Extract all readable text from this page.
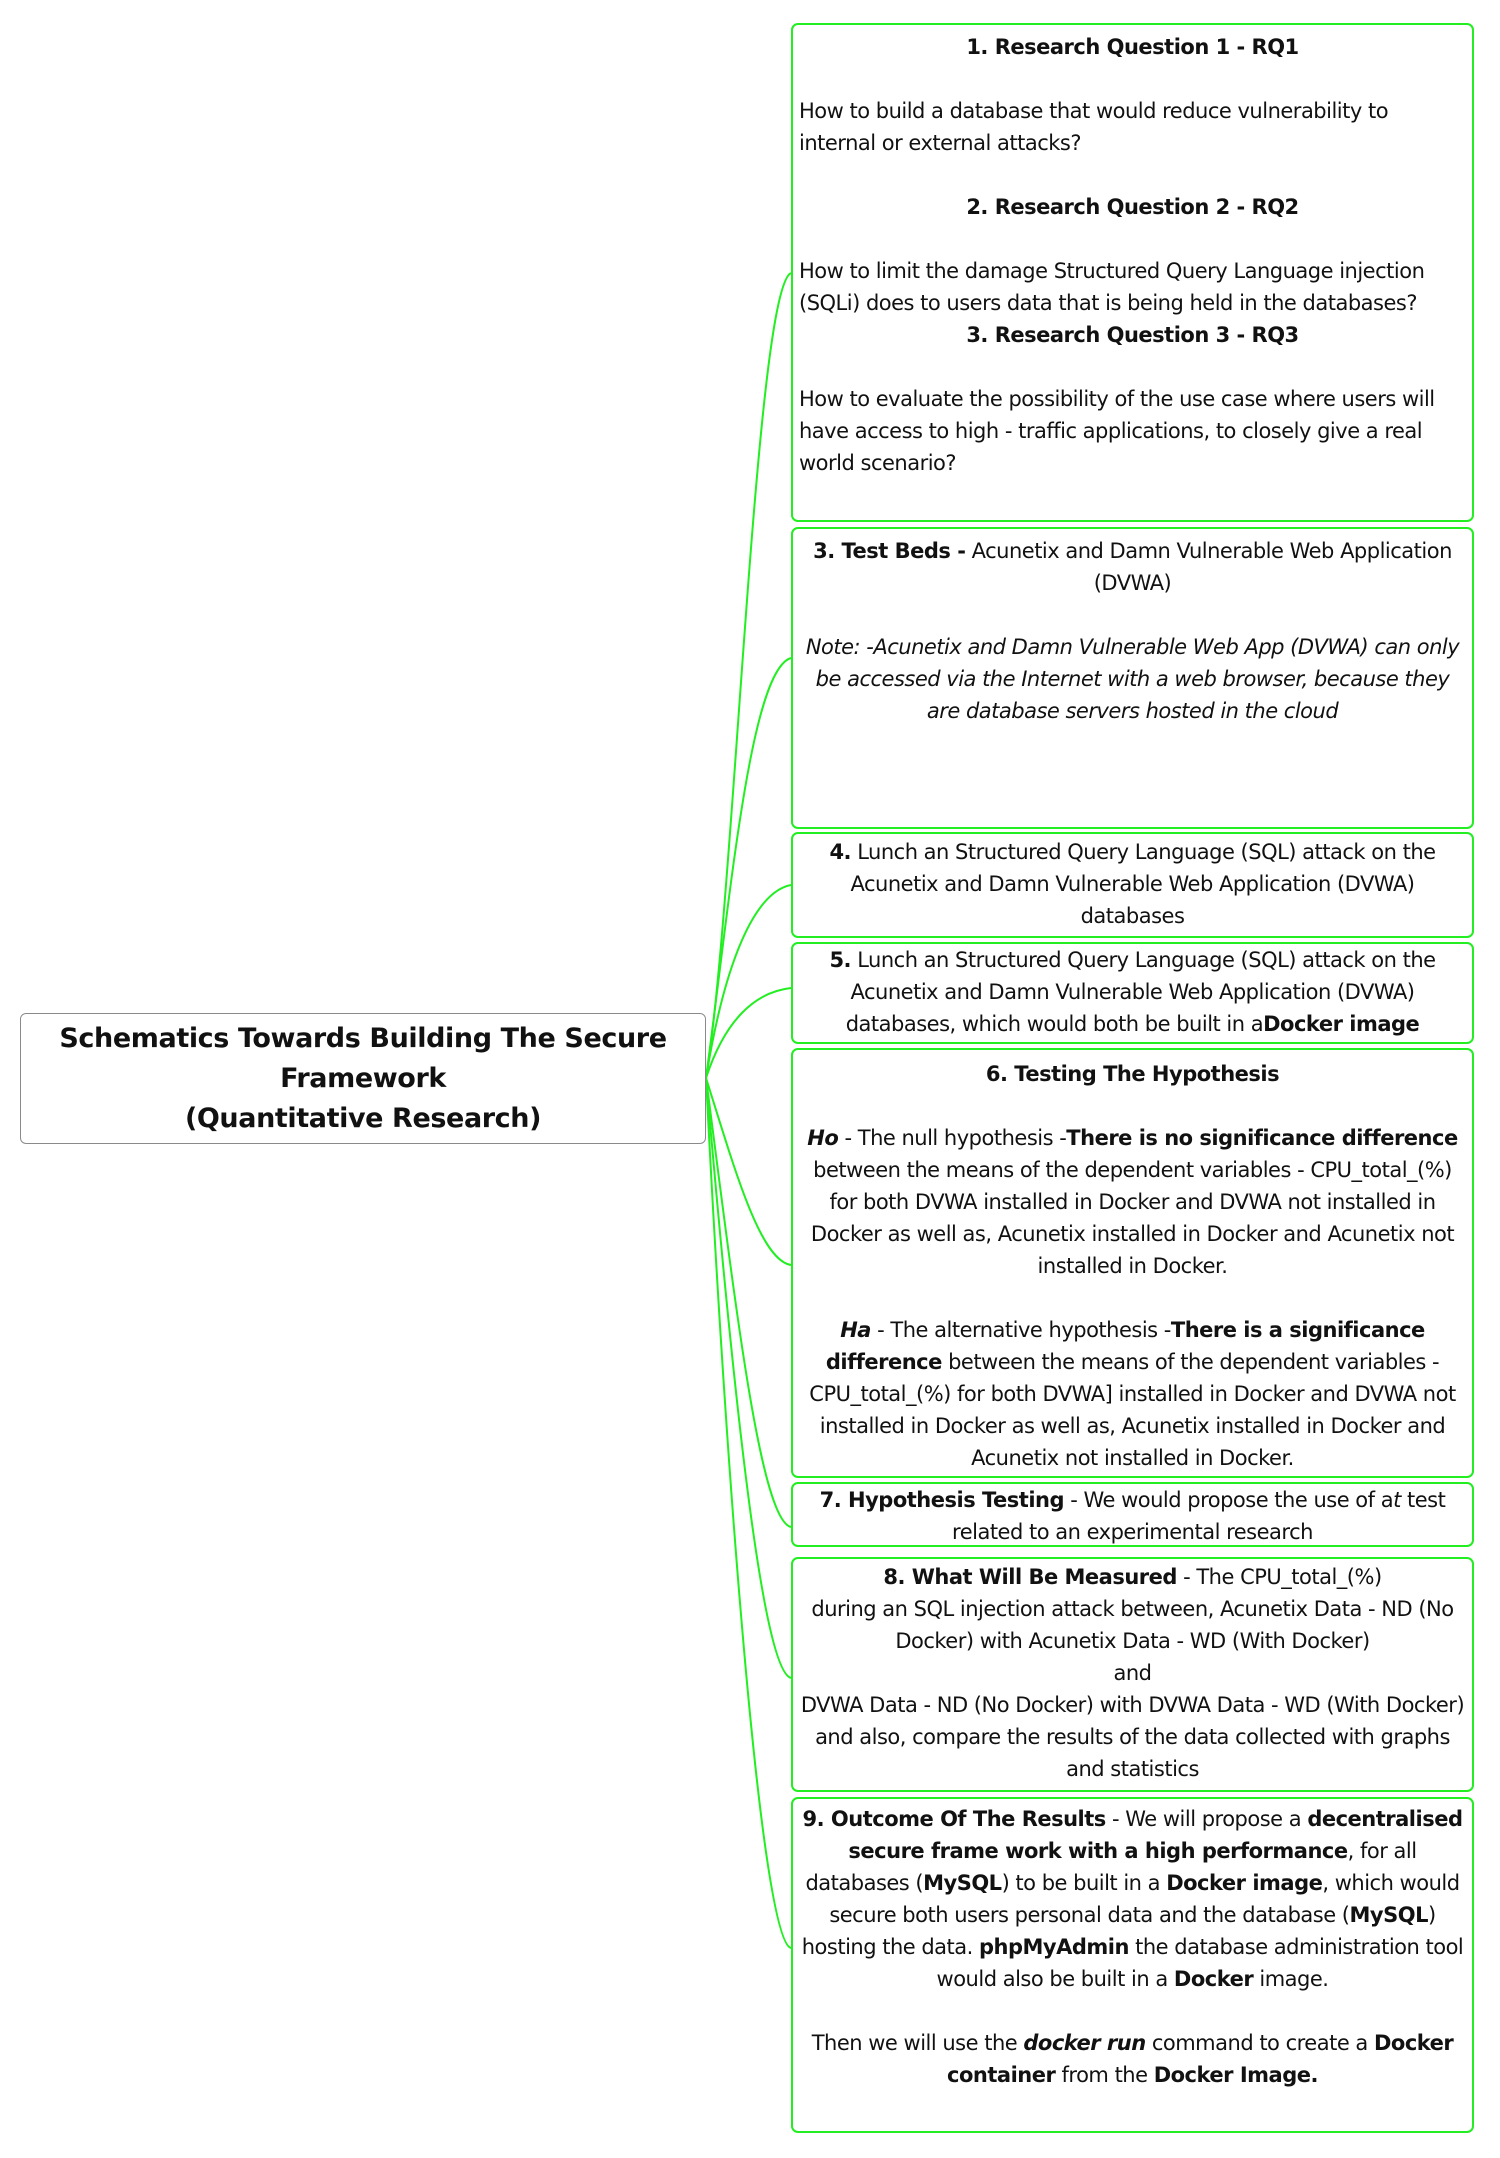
Schematics Towards Building The Secure
Framework
(Quantitative Research)

1. Research Question 1 - RQ1

How to build a database that would reduce vulnerability to internal or external attacks?

2. Research Question 2 - RQ2

How to limit the damage Structured Query Language injection (SQLi) does to users data that is being held in the databases?

3. Research Question 3 - RQ3

How to evaluate the possibility of the use case where users will have access to high - traffic applications, to closely give a real world scenario?

3. Test Beds - Acunetix and Damn Vulnerable Web Application (DVWA)

Note: -Acunetix and Damn Vulnerable Web App (DVWA) can only be accessed via the Internet with a web browser, because they are database servers hosted in the cloud

4. Lunch an Structured Query Language (SQL) attack on the Acunetix and Damn Vulnerable Web Application (DVWA) databases

5. Lunch an Structured Query Language (SQL) attack on the Acunetix and Damn Vulnerable Web Application (DVWA) databases, which would both be built in aDocker image

6. Testing The Hypothesis

Ho - The null hypothesis -There is no significance difference between the means of the dependent variables - CPU_total_(%) for both DVWA installed in Docker and DVWA not installed in Docker as well as, Acunetix installed in Docker and Acunetix not installed in Docker.

Ha - The alternative hypothesis -There is a significance difference between the means of the dependent variables - CPU_total_(%) for both DVWA] installed in Docker and DVWA not installed in Docker as well as, Acunetix installed in Docker and Acunetix not installed in Docker.

7. Hypothesis Testing - We would propose the use of at test related to an experimental research

8. What Will Be Measured - The CPU_total_(%)

during an SQL injection attack between, Acunetix Data - ND (No Docker) with Acunetix Data - WD (With Docker)

and

DVWA Data - ND (No Docker) with DVWA Data - WD (With Docker) and also, compare the results of the data collected with graphs and statistics

9. Outcome Of The Results - We will propose a decentralised secure frame work with a high performance, for all databases (MySQL) to be built in a Docker image, which would secure both users personal data and the database (MySQL) hosting the data. phpMyAdmin the database administration tool would also be built in a Docker image.

Then we will use the docker run command to create a Docker container from the Docker Image.
